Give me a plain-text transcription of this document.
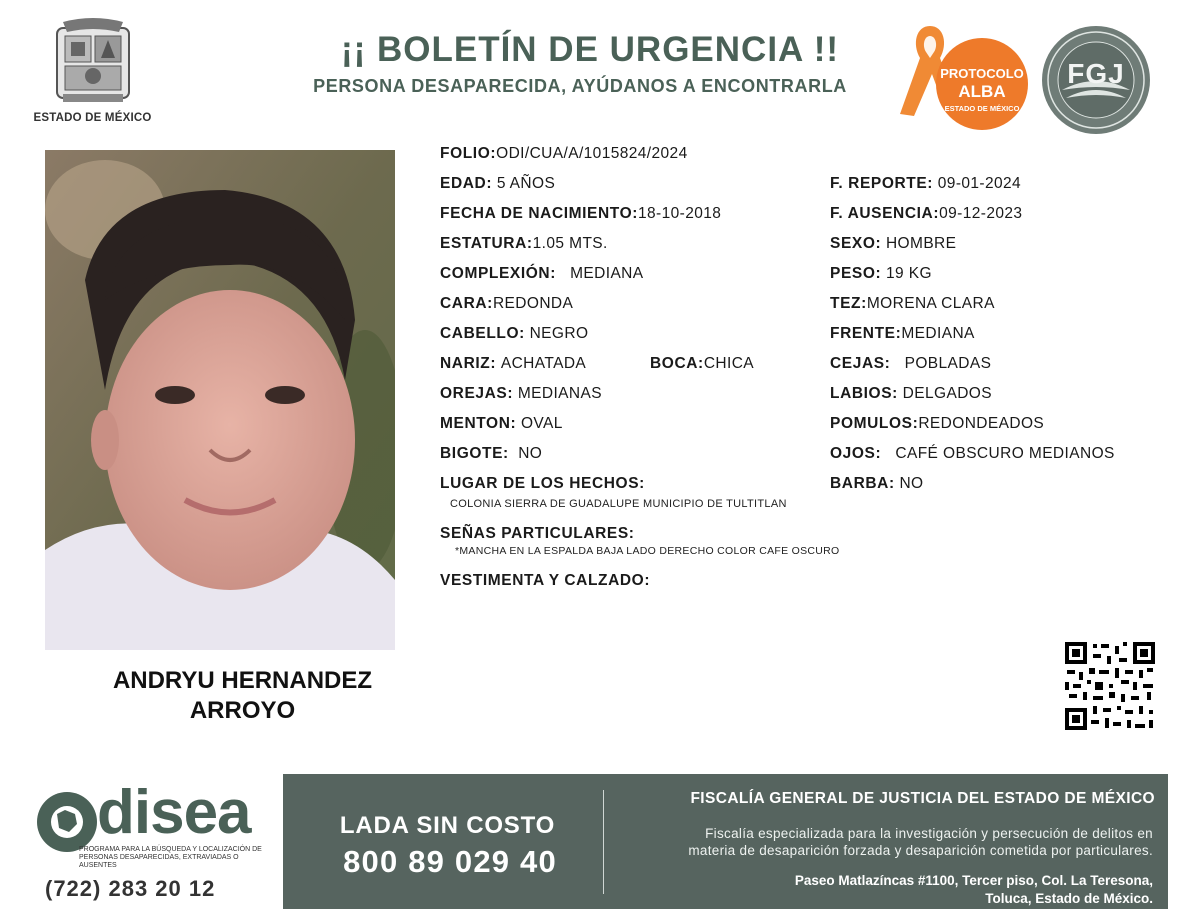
ESTADO DE MÉXICO
¡¡ BOLETÍN DE URGENCIA !!
PERSONA DESAPARECIDA, AYÚDANOS A ENCONTRARLA
PROTOCOLO
ALBA
ESTADO DE MÉXICO
FGJ
ANDRYU HERNANDEZ
ARROYO
FOLIO:ODI/CUA/A/1015824/2024
EDAD: 5 AÑOS	F. REPORTE: 09-01-2024
FECHA DE NACIMIENTO:18-10-2018	F. AUSENCIA:09-12-2023
ESTATURA:1.05 MTS.	SEXO: HOMBRE
COMPLEXIÓN: MEDIANA	PESO: 19 KG
CARA:REDONDA	TEZ:MORENA CLARA
CABELLO: NEGRO	FRENTE:MEDIANA
NARIZ: ACHATADA	BOCA:CHICA	CEJAS: POBLADAS
OREJAS: MEDIANAS	LABIOS: DELGADOS
MENTON: OVAL	POMULOS:REDONDEADOS
BIGOTE: NO	OJOS: CAFÉ OBSCURO MEDIANOS
LUGAR DE LOS HECHOS:	BARBA: NO
COLONIA SIERRA DE GUADALUPE MUNICIPIO DE TULTITLAN
SEÑAS PARTICULARES:
*MANCHA EN LA ESPALDA BAJA LADO DERECHO COLOR CAFE OSCURO
VESTIMENTA Y CALZADO:
disea
PROGRAMA PARA LA BÚSQUEDA Y LOCALIZACIÓN DE PERSONAS DESAPARECIDAS, EXTRAVIADAS O AUSENTES
(722) 283 20 12
LADA SIN COSTO
800 89 029 40
FISCALÍA GENERAL DE JUSTICIA DEL ESTADO DE MÉXICO
Fiscalía especializada para la investigación y persecución de delitos en
materia de desaparición forzada y desaparición cometida por particulares.
Paseo Matlazíncas #1100, Tercer piso, Col. La Teresona,
Toluca, Estado de México.
